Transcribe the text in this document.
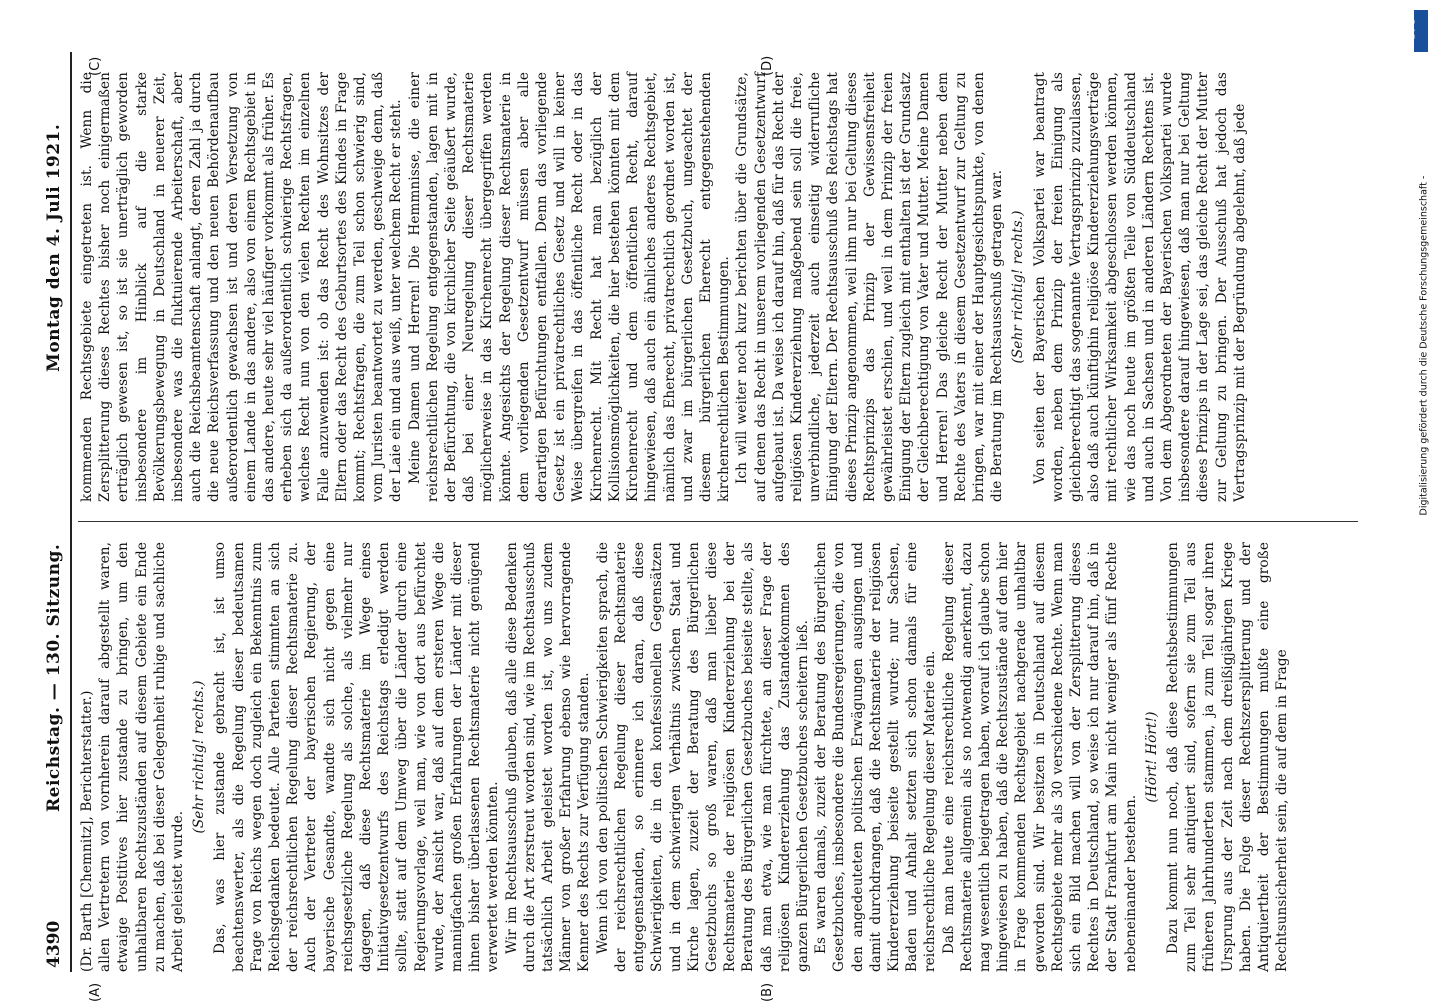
4390
Reichstag. — 130. Sitzung.
Montag den 4. Juli 1921.

(Dr. Barth [Chemnitz], Berichterstatter.) allen Vertretern von vornherein darauf abgestellt waren, etwaige Postitives hier zustande zu bringen, um den unhaltbaren Rechtszuständen auf diesem Gebiete ein Ende zu machen, daß bei dieser Gelegenheit ruhige und sachliche Arbeit geleistet wurde.

(Sehr richtig! rechts.) Das, was hier zustande gebracht ist, ist umso beachtenswerter, als die Regelung dieser bedeutsamen Frage von Reichs wegen doch zugleich ein Bekenntnis zum Reichsgedanken bedeutet. Alle Parteien stimmten an sich der reichsrechtlichen Regelung dieser Rechtsmaterie zu. Auch der Vertreter der bayerischen Regierung, der bayerische Gesandte, wandte sich nicht gegen eine reichsgesetzliche Regelung als solche, als vielmehr nur dagegen, daß diese Rechtsmaterie im Wege eines Initiativgesetzentwurfs des Reichstags erledigt werden sollte, statt auf dem Umweg über die Länder durch eine Regierungsvorlage, weil man, wie von dort aus befürchtet wurde, der Ansicht war, daß auf dem ersteren Wege die mannigfachen großen Erfahrungen der Länder mit dieser ihnen bisher überlassenen Rechtsmaterie nicht genügend verwertet werden könnten. Wir im Rechtsausschuß glauben, daß alle diese Bedenken durch die Art zerstreut worden sind, wie im Rechtsausschuß tatsächlich Arbeit geleistet worden ist, wo uns zudem Männer von großer Erfahrung ebenso wie hervorragende Kenner des Rechts zur Verfügung standen. Wenn ich von den politischen Schwierigkeiten sprach, die der reichsrechtlichen Regelung dieser Rechtsmaterie entgegenstanden, so erinnere ich daran, daß diese Schwierigkeiten, die in den konfessionellen Gegensätzen und in dem schwierigen Verhältnis zwischen Staat und Kirche lagen, zuzeit der Beratung des Bürgerlichen Gesetzbuchs so groß waren, daß man lieber diese Rechtsmaterie der religiösen Kindererziehung bei der Beratung des Bürgerlichen Gesetzbuches beiseite stellte, als daß man etwa, wie man fürchtete, an dieser Frage der religiösen Kindererziehung das Zustandekommen des ganzen Bürgerlichen Gesetzbuches scheitern ließ. Es waren damals, zuzeit der Beratung des Bürgerlichen Gesetzbuches, insbesondere die Bundesregierungen, die von den angedeuteten politischen Erwägungen ausgingen und damit durchdrangen, daß die Rechtsmaterie der religiösen Kindererziehung beiseite gestellt wurde; nur Sachsen, Baden und Anhalt setzten sich schon damals für eine reichsrechtliche Regelung dieser Materie ein. Daß man heute eine reichsrechtliche Regelung dieser Rechtsmaterie allgemein als so notwendig anerkennt, dazu mag wesentlich beigetragen haben, worauf ich glaube schon hingewiesen zu haben, daß die Rechtszustände auf dem hier in Frage kommenden Rechtsgebiet nachgerade unhaltbar geworden sind. Wir besitzen in Deutschland auf diesem Rechtsgebiete mehr als 30 verschiedene Rechte. Wenn man sich ein Bild machen will von der Zersplitterung dieses Rechtes in Deutschland, so weise ich nur darauf hin, daß in der Stadt Frankfurt am Main nicht weniger als fünf Rechte nebeneinander bestehen.

(Hört! Hört!) Dazu kommt nun noch, daß diese Rechtsbestimmungen zum Teil sehr antiquiert sind, sofern sie zum Teil aus früheren Jahrhunderten stammen, ja zum Teil sogar ihren Ursprung aus der Zeit nach dem dreißigjährigen Kriege haben. Die Folge dieser Rechtszersplitterung und der Antiquiertheit der Bestimmungen mußte eine große Rechtsunsicherheit sein, die auf dem in Frage

kommenden Rechtsgebiete eingetreten ist. Wenn die Zersplitterung dieses Rechtes bisher noch einigermaßen erträglich gewesen ist, so ist sie unerträglich geworden insbesondere im Hinblick auf die starke Bevölkerungsbewegung in Deutschland in neuerer Zeit, insbesondere was die fluktuierende Arbeiterschaft, aber auch die Reichsbeamtenschaft anlangt, deren Zahl ja durch die neue Reichsverfassung und den neuen Behördenaufbau außerordentlich gewachsen ist und deren Versetzung von einem Lande in das andere, also von einem Rechtsgebiet in das andere, heute sehr viel häufiger vorkommt als früher. Es erheben sich da außerordentlich schwierige Rechtsfragen, welches Recht nun von den vielen Rechten im einzelnen Falle anzuwenden ist: ob das Recht des Wohnsitzes der Eltern oder das Recht des Geburtsortes des Kindes in Frage kommt; Rechtsfragen, die zum Teil schon schwierig sind, vom Juristen beantwortet zu werden, geschweige denn, daß der Laie ein und aus weiß, unter welchem Recht er steht. Meine Damen und Herren! Die Hemmnisse, die einer reichsrechtlichen Regelung entgegenstanden, lagen mit in der Befürchtung, die von kirchlicher Seite geäußert wurde, daß bei einer Neuregelung dieser Rechtsmaterie möglicherweise in das Kirchenrecht übergegriffen werden könnte. Angesichts der Regelung dieser Rechtsmaterie in dem vorliegenden Gesetzentwurf müssen aber alle derartigen Befürchtungen entfallen. Denn das vorliegende Gesetz ist ein privatrechtliches Gesetz und will in keiner Weise übergreifen in das öffentliche Recht oder in das Kirchenrecht. Mit Recht hat man bezüglich der Kollisionsmöglichkeiten, die hier bestehen könnten mit dem Kirchenrecht und dem öffentlichen Recht, darauf hingewiesen, daß auch ein ähnliches anderes Rechtsgebiet, nämlich das Eherecht, privatrechtlich geordnet worden ist, und zwar im bürgerlichen Gesetzbuch, ungeachtet der diesem bürgerlichen Eherecht entgegenstehenden kirchenrechtlichen Bestimmungen. Ich will weiter noch kurz berichten über die Grundsätze, auf denen das Recht in unserem vorliegenden Gesetzentwurf aufgebaut ist. Da weise ich darauf hin, daß für das Recht der religiösen Kindererziehung maßgebend sein soll die freie, unverbindliche, jederzeit auch einseitig widerrufliche Einigung der Eltern. Der Rechtsausschuß des Reichstags hat dieses Prinzip angenommen, weil ihm nur bei Geltung dieses Rechtsprinzips das Prinzip der Gewissensfreiheit gewährleistet erschien, und weil in dem Prinzip der freien Einigung der Eltern zugleich mit enthalten ist der Grundsatz der Gleichberechtigung von Vater und Mutter. Meine Damen und Herren! Das gleiche Recht der Mutter neben dem Rechte des Vaters in diesem Gesetzentwurf zur Geltung zu bringen, war mit einer der Hauptgesichtspunkte, von denen die Beratung im Rechtsausschuß getragen war. (Sehr richtig! rechts.) Von seiten der Bayerischen Volkspartei war beantragt worden, neben dem Prinzip der freien Einigung als gleichberechtigt das sogenannte Vertragsprinzip zuzulassen, also daß auch künftighin religiöse Kindererziehungsverträge mit rechtlicher Wirksamkeit abgeschlossen werden können, wie das noch heute im größten Teile von Süddeutschland und auch in Sachsen und in anderen Ländern Rechtens ist. Von dem Abgeordneten der Bayerischen Volkspartei wurde insbesondere darauf hingewiesen, daß man nur bei Geltung dieses Prinzips in der Lage sei, das gleiche Recht der Mutter zur Geltung zu bringen. Der Ausschuß hat jedoch das Vertragsprinzip mit der Begründung abgelehnt, daß jede

(A)	(B)
(C)	(D)
DFG
Digitalisierung gefördert durch die Deutsche Forschungsgemeinschaft -
